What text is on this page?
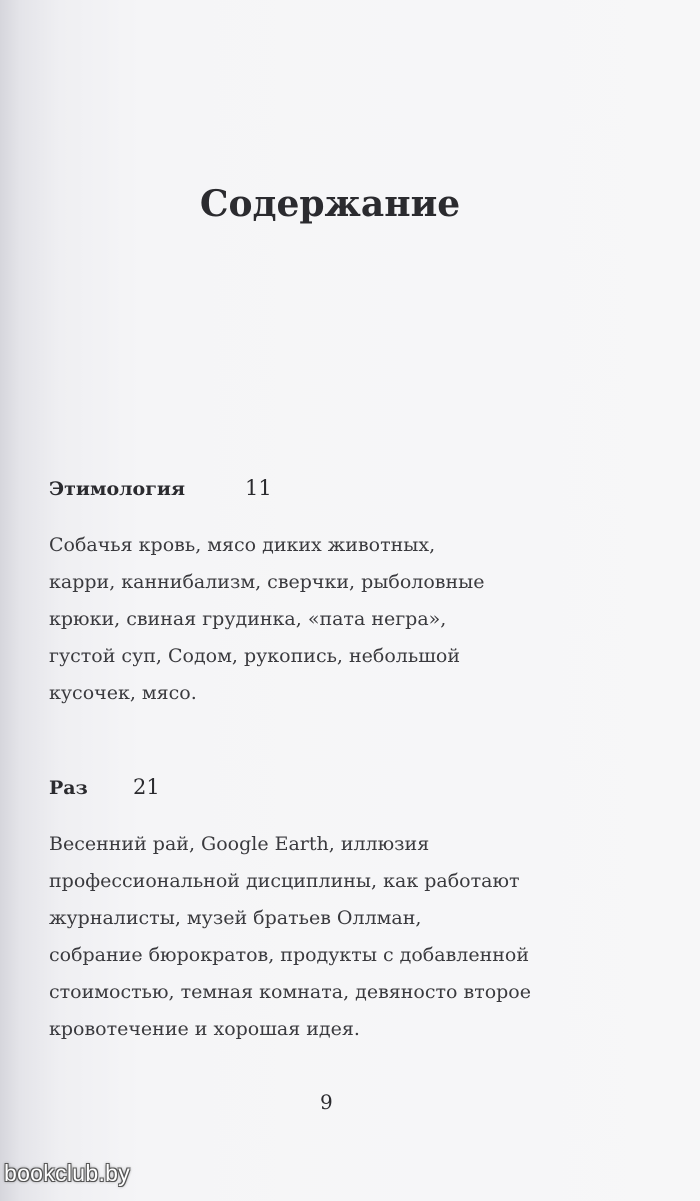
Содержание
Этимология	11
Собачья кровь, мясо диких животных,
карри, каннибализм, сверчки, рыболовные
крюки, свиная грудинка, «пата негра»,
густой суп, Содом, рукопись, небольшой
кусочек, мясо.
Раз 21
Весенний рай, Google Earth, иллюзия
профессиональной дисциплины, как работают
журналисты, музей братьев Оллман,
собрание бюрократов, продукты с добавленной
стоимостью, темная комната, девяносто второе
кровотечение и хорошая идея.
9
bookclub.by
